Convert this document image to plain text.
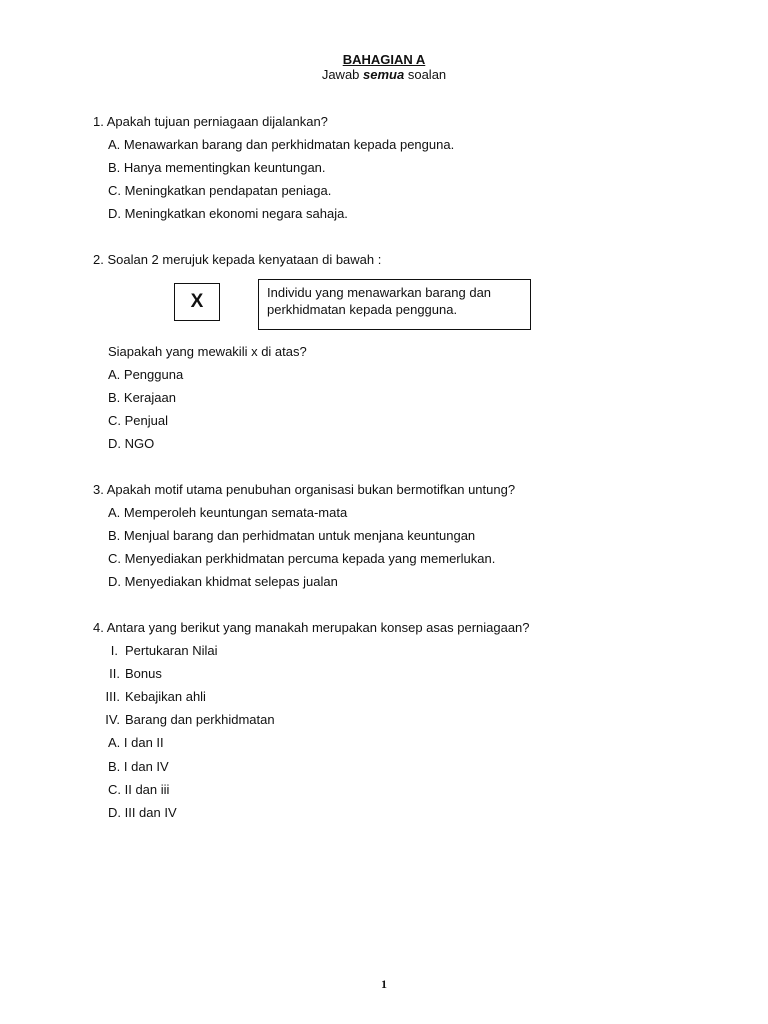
BAHAGIAN A
Jawab semua soalan
1. Apakah tujuan perniagaan dijalankan?
A. Menawarkan barang dan perkhidmatan kepada penguna.
B. Hanya mementingkan keuntungan.
C. Meningkatkan pendapatan peniaga.
D. Meningkatkan ekonomi negara sahaja.
2. Soalan 2 merujuk kepada kenyataan di bawah :
X	Individu yang menawarkan barang dan perkhidmatan kepada pengguna.
Siapakah yang mewakili x di atas?
A. Pengguna
B. Kerajaan
C. Penjual
D. NGO
3. Apakah motif utama penubuhan organisasi bukan bermotifkan untung?
A. Memperoleh keuntungan semata-mata
B. Menjual barang dan perhidmatan untuk menjana keuntungan
C. Menyediakan perkhidmatan percuma kepada yang memerlukan.
D. Menyediakan khidmat selepas jualan
4. Antara yang berikut yang manakah merupakan konsep asas perniagaan?
I. Pertukaran Nilai
II. Bonus
III. Kebajikan ahli
IV. Barang dan perkhidmatan
A. I dan II
B. I dan IV
C. II dan iii
D. III dan IV
1
